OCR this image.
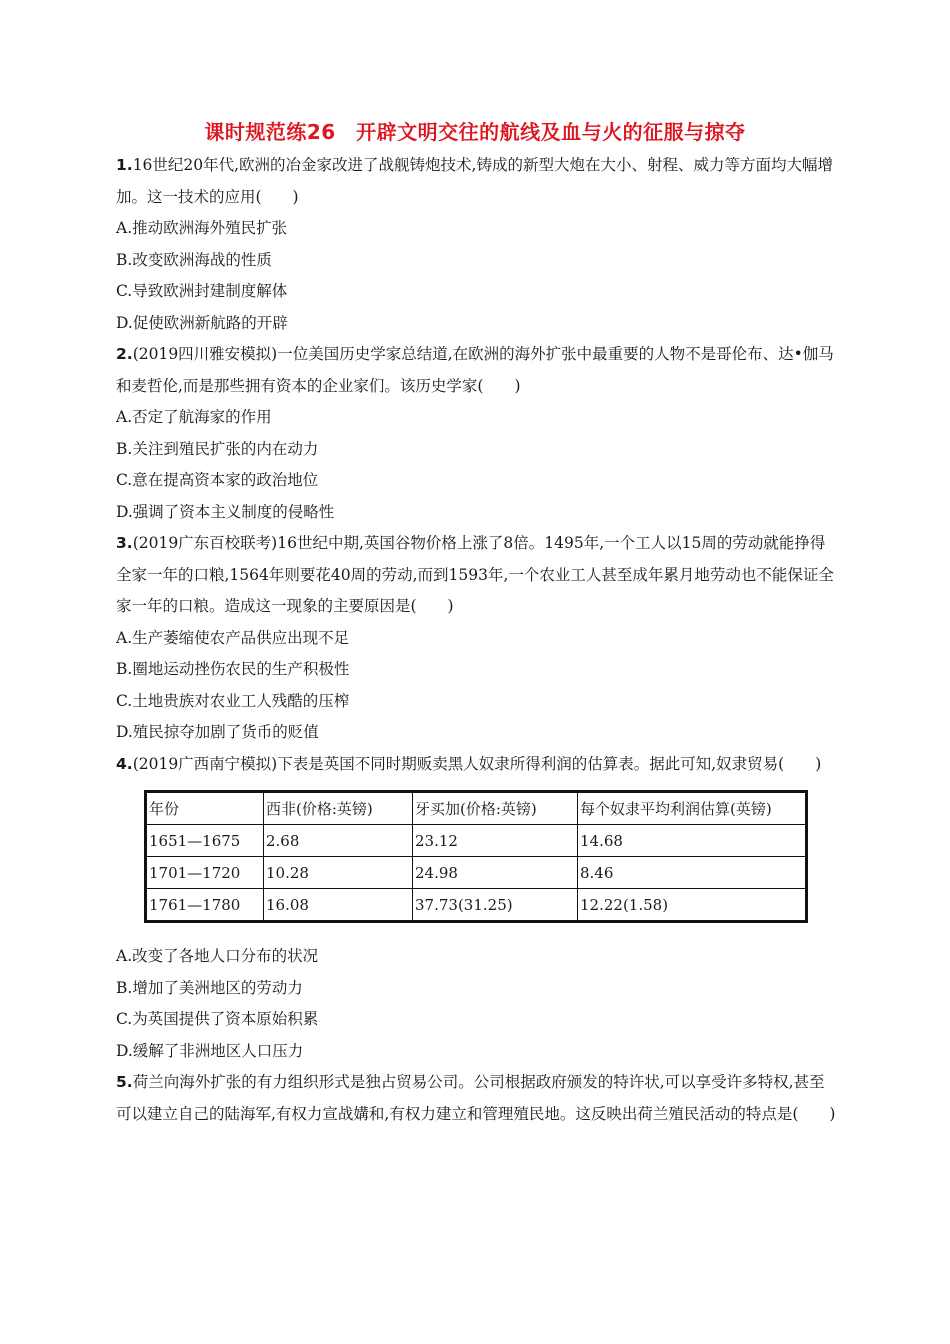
课时规范练26　开辟文明交往的航线及血与火的征服与掠夺

1.16世纪20年代,欧洲的冶金家改进了战舰铸炮技术,铸成的新型大炮在大小、射程、威力等方面均大幅增加。这一技术的应用(　　)

A.推动欧洲海外殖民扩张

B.改变欧洲海战的性质

C.导致欧洲封建制度解体

D.促使欧洲新航路的开辟

2.(2019四川雅安模拟)一位美国历史学家总结道,在欧洲的海外扩张中最重要的人物不是哥伦布、达•伽马和麦哲伦,而是那些拥有资本的企业家们。该历史学家(　　)

A.否定了航海家的作用

B.关注到殖民扩张的内在动力

C.意在提高资本家的政治地位

D.强调了资本主义制度的侵略性

3.(2019广东百校联考)16世纪中期,英国谷物价格上涨了8倍。1495年,一个工人以15周的劳动就能挣得全家一年的口粮,1564年则要花40周的劳动,而到1593年,一个农业工人甚至成年累月地劳动也不能保证全家一年的口粮。造成这一现象的主要原因是(　　)

A.生产萎缩使农产品供应出现不足

B.圈地运动挫伤农民的生产积极性

C.土地贵族对农业工人残酷的压榨

D.殖民掠夺加剧了货币的贬值

4.(2019广西南宁模拟)下表是英国不同时期贩卖黑人奴隶所得利润的估算表。据此可知,奴隶贸易(　　)

年份	西非(价格:英镑)	牙买加(价格:英镑)	每个奴隶平均利润估算(英镑)
1651—1675	2.68	23.12	14.68
1701—1720	10.28	24.98	8.46
1761—1780	16.08	37.73(31.25)	12.22(1.58)

A.改变了各地人口分布的状况

B.增加了美洲地区的劳动力

C.为英国提供了资本原始积累

D.缓解了非洲地区人口压力

5.荷兰向海外扩张的有力组织形式是独占贸易公司。公司根据政府颁发的特许状,可以享受许多特权,甚至可以建立自己的陆海军,有权力宣战媾和,有权力建立和管理殖民地。这反映出荷兰殖民活动的特点是(　　)
